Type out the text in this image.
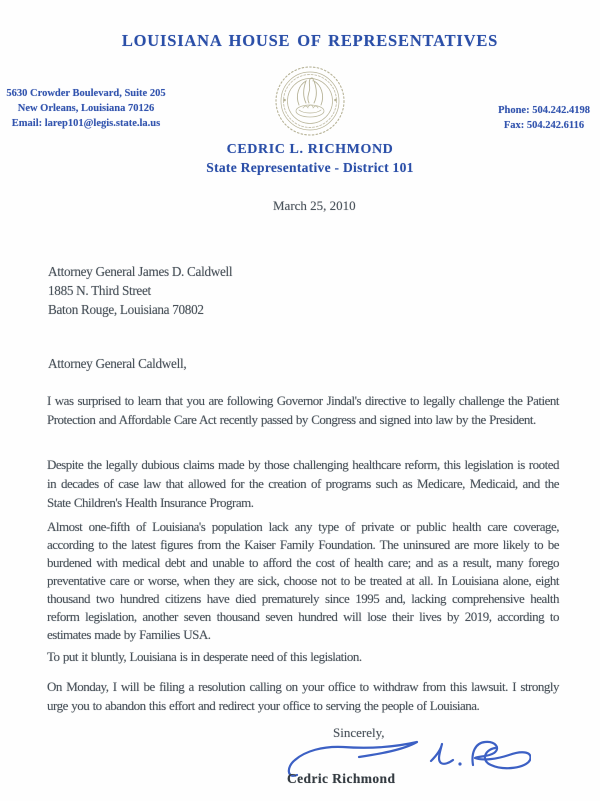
LOUISIANA HOUSE OF REPRESENTATIVES
5630 Crowder Boulevard, Suite 205
New Orleans, Louisiana 70126
Email: larep101@legis.state.la.us
Phone: 504.242.4198
Fax: 504.242.6116
CEDRIC L. RICHMOND
State Representative - District 101
March 25, 2010
Attorney General James D. Caldwell
1885 N. Third Street
Baton Rouge, Louisiana 70802
Attorney General Caldwell,

I was surprised to learn that you are following Governor Jindal's directive to legally challenge the Patient Protection and Affordable Care Act recently passed by Congress and signed into law by the President.

Despite the legally dubious claims made by those challenging healthcare reform, this legislation is rooted in decades of case law that allowed for the creation of programs such as Medicare, Medicaid, and the State Children's Health Insurance Program.

Almost one-fifth of Louisiana's population lack any type of private or public health care coverage, according to the latest figures from the Kaiser Family Foundation. The uninsured are more likely to be burdened with medical debt and unable to afford the cost of health care; and as a result, many forego preventative care or worse, when they are sick, choose not to be treated at all. In Louisiana alone, eight thousand two hundred citizens have died prematurely since 1995 and, lacking comprehensive health reform legislation, another seven thousand seven hundred will lose their lives by 2019, according to estimates made by Families USA.

To put it bluntly, Louisiana is in desperate need of this legislation.

On Monday, I will be filing a resolution calling on your office to withdraw from this lawsuit. I strongly urge you to abandon this effort and redirect your office to serving the people of Louisiana.

Sincerely,
Cedric Richmond
